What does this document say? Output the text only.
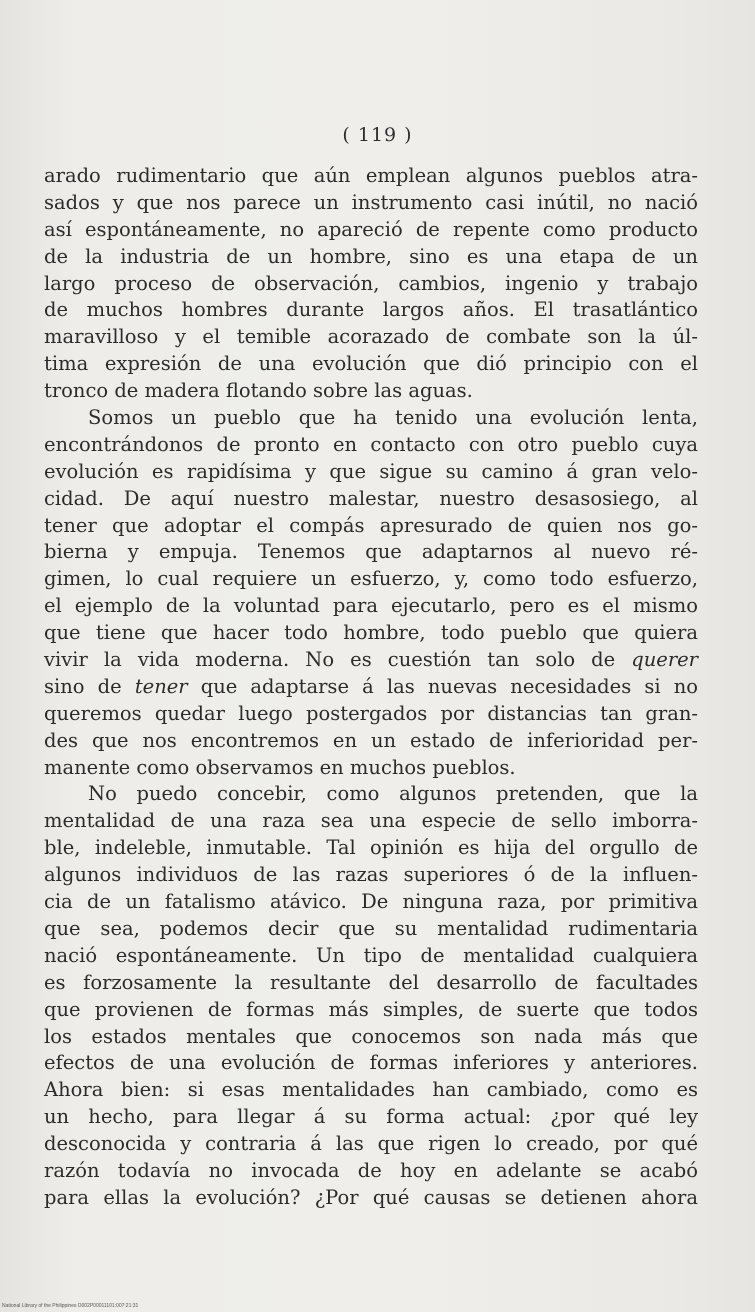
( 119 )
arado rudimentario que aún emplean algunos pueblos atra-
sados y que nos parece un instrumento casi inútil, no nació
así espontáneamente, no apareció de repente como producto
de la industria de un hombre, sino es una etapa de un
largo proceso de observación, cambios, ingenio y trabajo
de muchos hombres durante largos años. El trasatlántico
maravilloso y el temible acorazado de combate son la úl-
tima expresión de una evolución que dió principio con el
tronco de madera flotando sobre las aguas.
Somos un pueblo que ha tenido una evolución lenta,
encontrándonos de pronto en contacto con otro pueblo cuya
evolución es rapidísima y que sigue su camino á gran velo-
cidad. De aquí nuestro malestar, nuestro desasosiego, al
tener que adoptar el compás apresurado de quien nos go-
bierna y empuja. Tenemos que adaptarnos al nuevo ré-
gimen, lo cual requiere un esfuerzo, y, como todo esfuerzo,
el ejemplo de la voluntad para ejecutarlo, pero es el mismo
que tiene que hacer todo hombre, todo pueblo que quiera
vivir la vida moderna. No es cuestión tan solo de querer
sino de tener que adaptarse á las nuevas necesidades si no
queremos quedar luego postergados por distancias tan gran-
des que nos encontremos en un estado de inferioridad per-
manente como observamos en muchos pueblos.
No puedo concebir, como algunos pretenden, que la
mentalidad de una raza sea una especie de sello imborra-
ble, indeleble, inmutable. Tal opinión es hija del orgullo de
algunos individuos de las razas superiores ó de la influen-
cia de un fatalismo atávico. De ninguna raza, por primitiva
que sea, podemos decir que su mentalidad rudimentaria
nació espontáneamente. Un tipo de mentalidad cualquiera
es forzosamente la resultante del desarrollo de facultades
que provienen de formas más simples, de suerte que todos
los estados mentales que conocemos son nada más que
efectos de una evolución de formas inferiores y anteriores.
Ahora bien: si esas mentalidades han cambiado, como es
un hecho, para llegar á su forma actual: ¿por qué ley
desconocida y contraria á las que rigen lo creado, por qué
razón todavía no invocada de hoy en adelante se acabó
para ellas la evolución? ¿Por qué causas se detienen ahora
National Library of the Philippines D002P00011101:007:21:31
